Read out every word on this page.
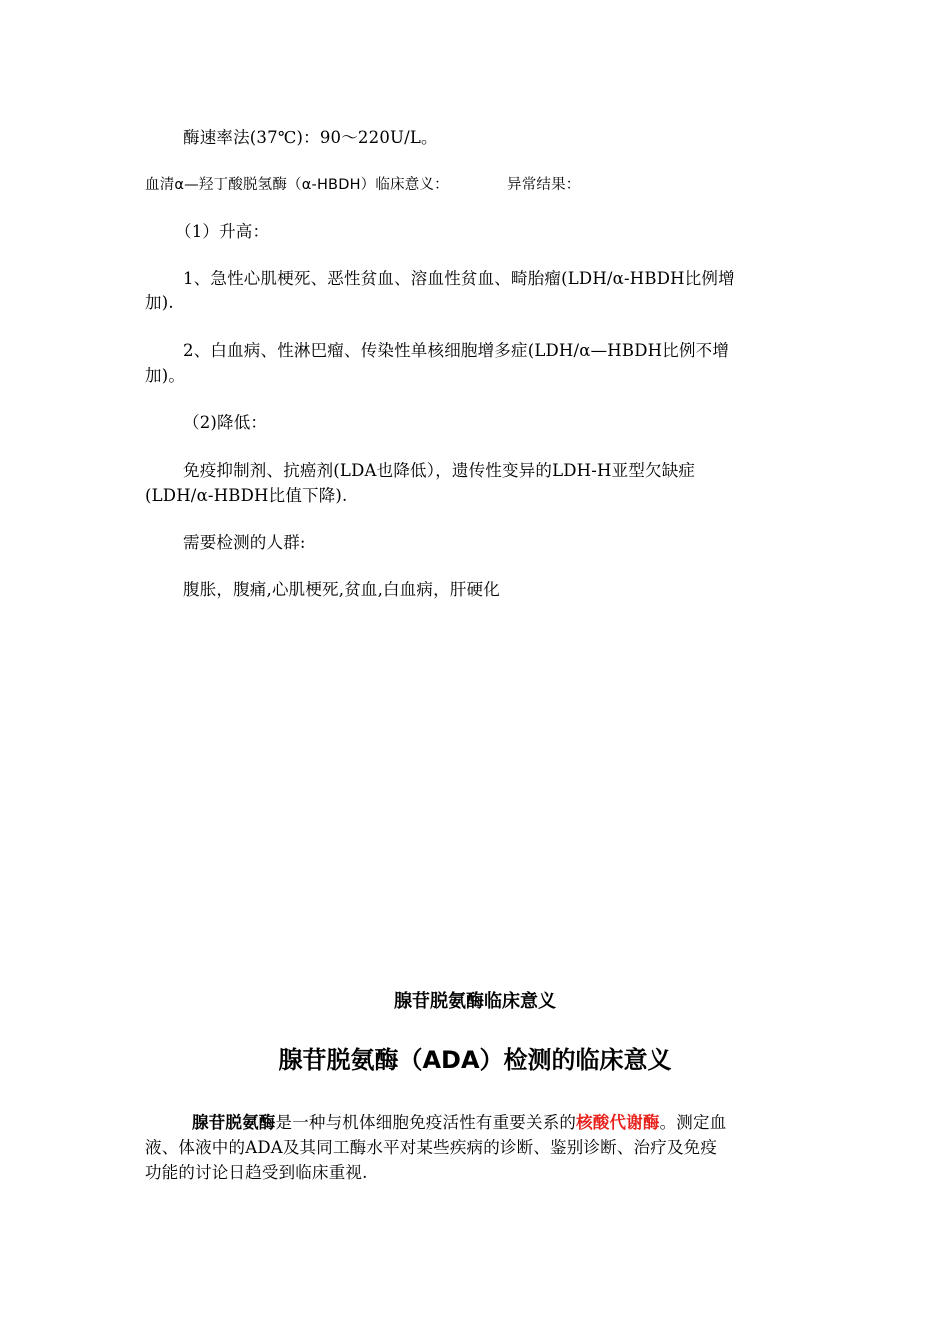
酶速率法(37℃)：90～220U/L。

血清α—羟丁酸脱氢酶（α-HBDH）临床意义：	异常结果：

（1）升高：

1、急性心肌梗死、恶性贫血、溶血性贫血、畸胎瘤(LDH/α-HBDH比例增

加).

2、白血病、性淋巴瘤、传染性单核细胞增多症(LDH/α—HBDH比例不增

加)。

（2)降低：

免疫抑制剂、抗癌剂(LDA也降低），遗传性变异的LDH-H亚型欠缺症

(LDH/α-HBDH比值下降).

需要检测的人群:

腹胀，腹痛,心肌梗死,贫血,白血病，肝硬化

腺苷脱氨酶临床意义
腺苷脱氨酶（ADA）检测的临床意义

腺苷脱氨酶是一种与机体细胞免疫活性有重要关系的核酸代谢酶。测定血

液、体液中的ADA及其同工酶水平对某些疾病的诊断、鉴别诊断、治疗及免疫

功能的讨论日趋受到临床重视.
